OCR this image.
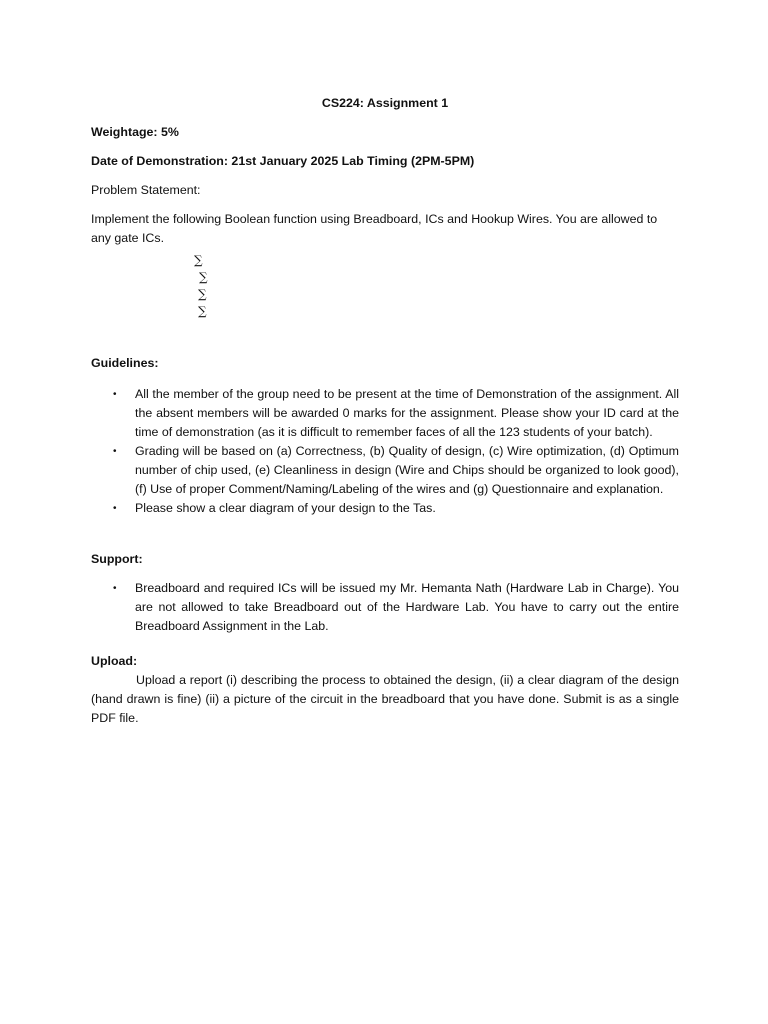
CS224: Assignment 1

Weightage: 5%

Date of Demonstration: 21st January 2025 Lab Timing (2PM-5PM)

Problem Statement:

Implement the following Boolean function using Breadboard, ICs and Hookup Wires. You are allowed to any gate ICs.

∑
∑
∑
∑

Guidelines:

• All the member of the group need to be present at the time of Demonstration of the assignment. All the absent members will be awarded 0 marks for the assignment. Please show your ID card at the time of demonstration (as it is difficult to remember faces of all the 123 students of your batch).
• Grading will be based on (a) Correctness, (b) Quality of design, (c) Wire optimization, (d) Optimum number of chip used, (e) Cleanliness in design (Wire and Chips should be organized to look good), (f) Use of proper Comment/Naming/Labeling of the wires and (g) Questionnaire and explanation.
• Please show a clear diagram of your design to the Tas.

Support:

• Breadboard and required ICs will be issued my Mr. Hemanta Nath (Hardware Lab in Charge). You are not allowed to take Breadboard out of the Hardware Lab. You have to carry out the entire Breadboard Assignment in the Lab.

Upload:

Upload a report (i) describing the process to obtained the design, (ii) a clear diagram of the design (hand drawn is fine) (ii) a picture of the circuit in the breadboard that you have done. Submit is as a single PDF file.
